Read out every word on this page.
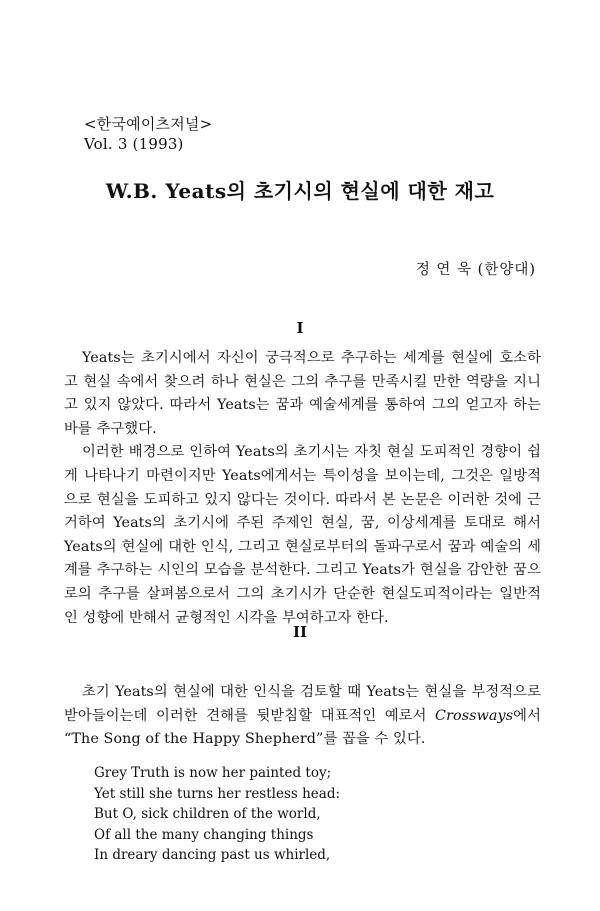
<한국예이츠저널>
Vol. 3 (1993)
W.B. Yeats의 초기시의 현실에 대한 재고
정 연 욱 (한양대)
I

Yeats는 초기시에서 자신이 궁극적으로 추구하는 세계를 현실에 호소하고 현실 속에서 찾으려 하나 현실은 그의 추구를 만족시킬 만한 역량을 지니고 있지 않았다. 따라서 Yeats는 꿈과 예술세계를 통하여 그의 얻고자 하는 바를 추구했다.

이러한 배경으로 인하여 Yeats의 초기시는 자칫 현실 도피적인 경향이 쉽게 나타나기 마련이지만 Yeats에게서는 특이성을 보이는데, 그것은 일방적으로 현실을 도피하고 있지 않다는 것이다. 따라서 본 논문은 이러한 것에 근거하여 Yeats의 초기시에 주된 주제인 현실, 꿈, 이상세계를 토대로 해서 Yeats의 현실에 대한 인식, 그리고 현실로부터의 돌파구로서 꿈과 예술의 세계를 추구하는 시인의 모습을 분석한다. 그리고 Yeats가 현실을 감안한 꿈으로의 추구를 살펴봄으로서 그의 초기시가 단순한 현실도피적이라는 일반적인 성향에 반해서 균형적인 시각을 부여하고자 한다.

II

초기 Yeats의 현실에 대한 인식을 검토할 때 Yeats는 현실을 부정적으로 받아들이는데 이러한 견해를 뒷받침할 대표적인 예로서 Crossways에서 “The Song of the Happy Shepherd”를 꼽을 수 있다.

Grey Truth is now her painted toy;
Yet still she turns her restless head:
But O, sick children of the world,
Of all the many changing things
In dreary dancing past us whirled,
